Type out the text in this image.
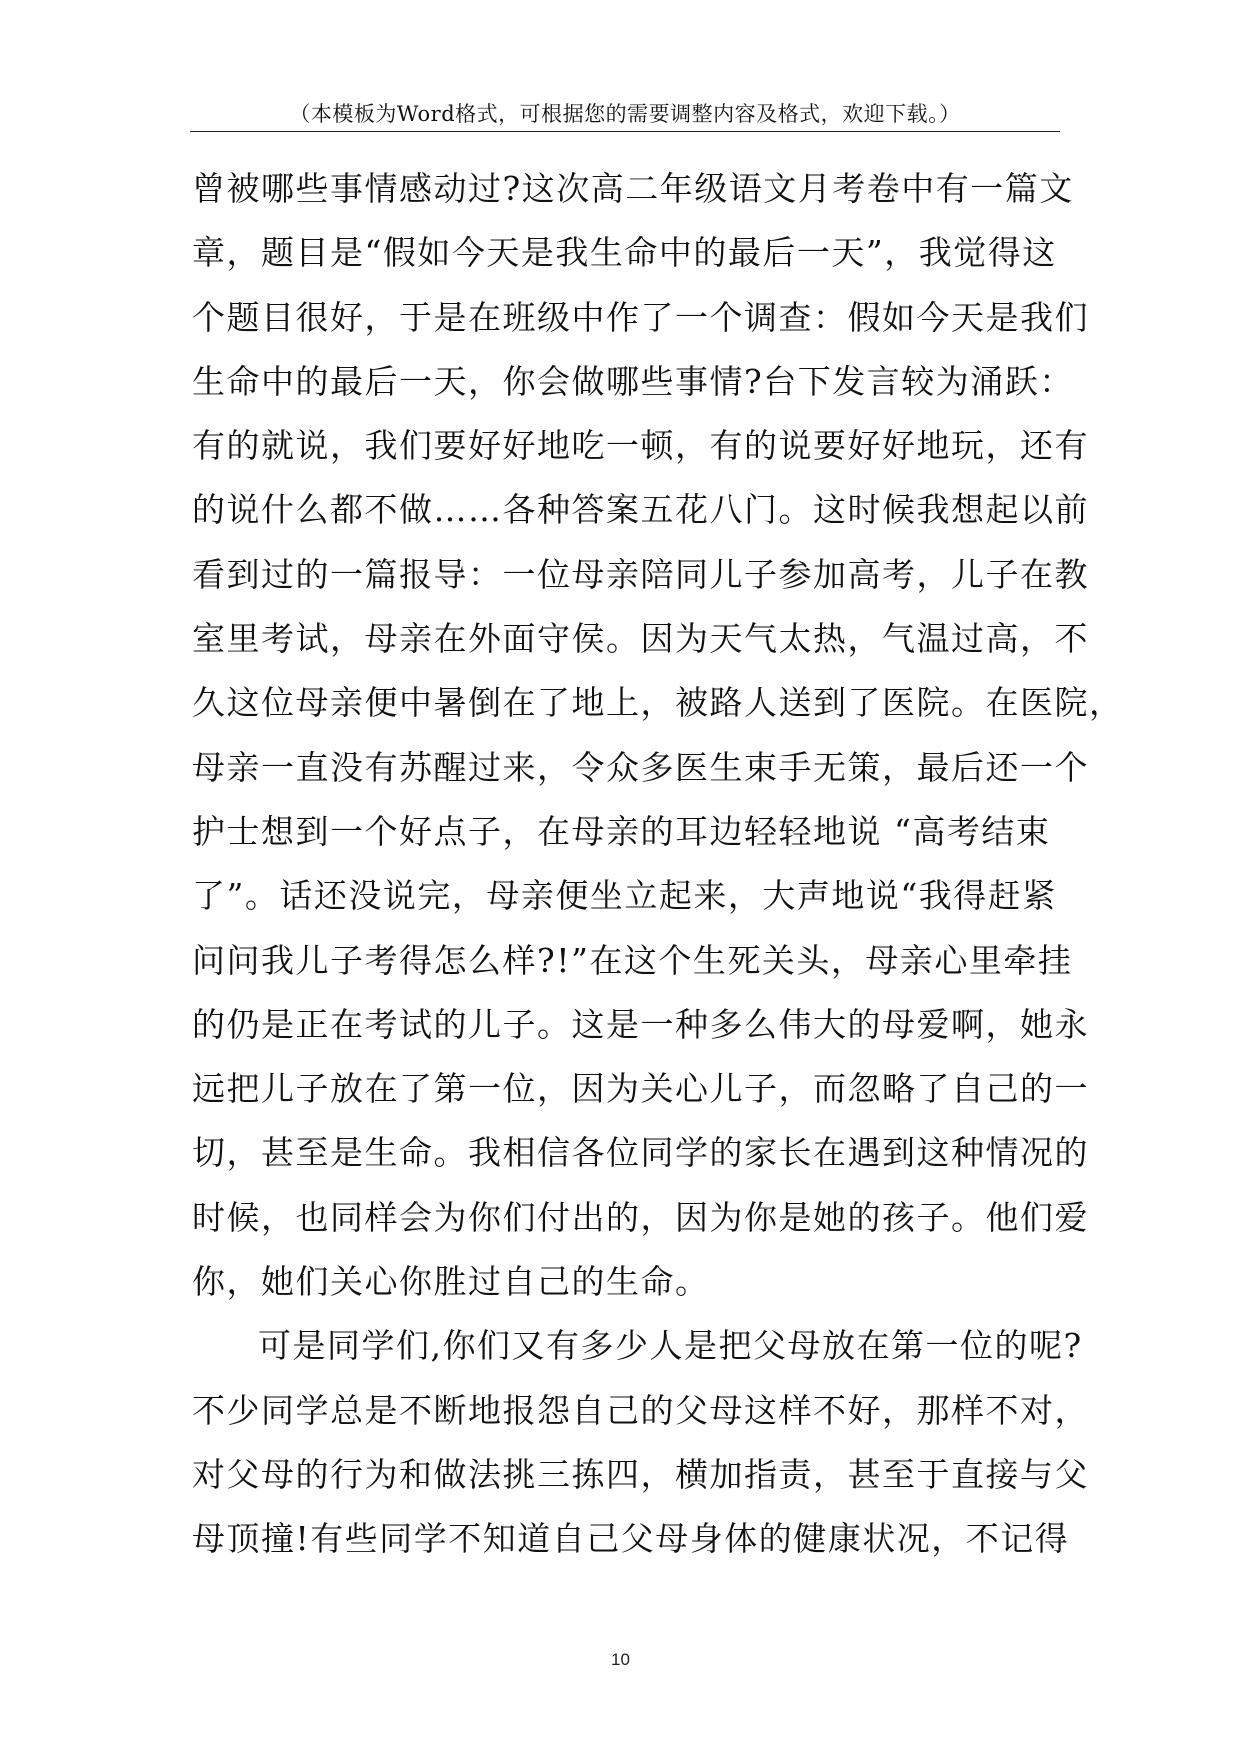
（本模板为Word格式，可根据您的需要调整内容及格式，欢迎下载。）
曾被哪些事情感动过?这次高二年级语文月考卷中有一篇文
章，题目是“假如今天是我生命中的最后一天”，我觉得这
个题目很好，于是在班级中作了一个调查：假如今天是我们
生命中的最后一天，你会做哪些事情?台下发言较为涌跃：
有的就说，我们要好好地吃一顿，有的说要好好地玩，还有
的说什么都不做……各种答案五花八门。这时候我想起以前
看到过的一篇报导：一位母亲陪同儿子参加高考，儿子在教
室里考试，母亲在外面守侯。因为天气太热，气温过高，不
久这位母亲便中暑倒在了地上，被路人送到了医院。在医院，
母亲一直没有苏醒过来，令众多医生束手无策，最后还一个
护士想到一个好点子，在母亲的耳边轻轻地说 “高考结束
了”。话还没说完，母亲便坐立起来，大声地说“我得赶紧
问问我儿子考得怎么样?!”在这个生死关头，母亲心里牵挂
的仍是正在考试的儿子。这是一种多么伟大的母爱啊，她永
远把儿子放在了第一位，因为关心儿子，而忽略了自己的一
切，甚至是生命。我相信各位同学的家长在遇到这种情况的
时候，也同样会为你们付出的，因为你是她的孩子。他们爱
你，她们关心你胜过自己的生命。
可是同学们,你们又有多少人是把父母放在第一位的呢?
不少同学总是不断地报怨自己的父母这样不好，那样不对，
对父母的行为和做法挑三拣四，横加指责，甚至于直接与父
母顶撞!有些同学不知道自己父母身体的健康状况，不记得
10
